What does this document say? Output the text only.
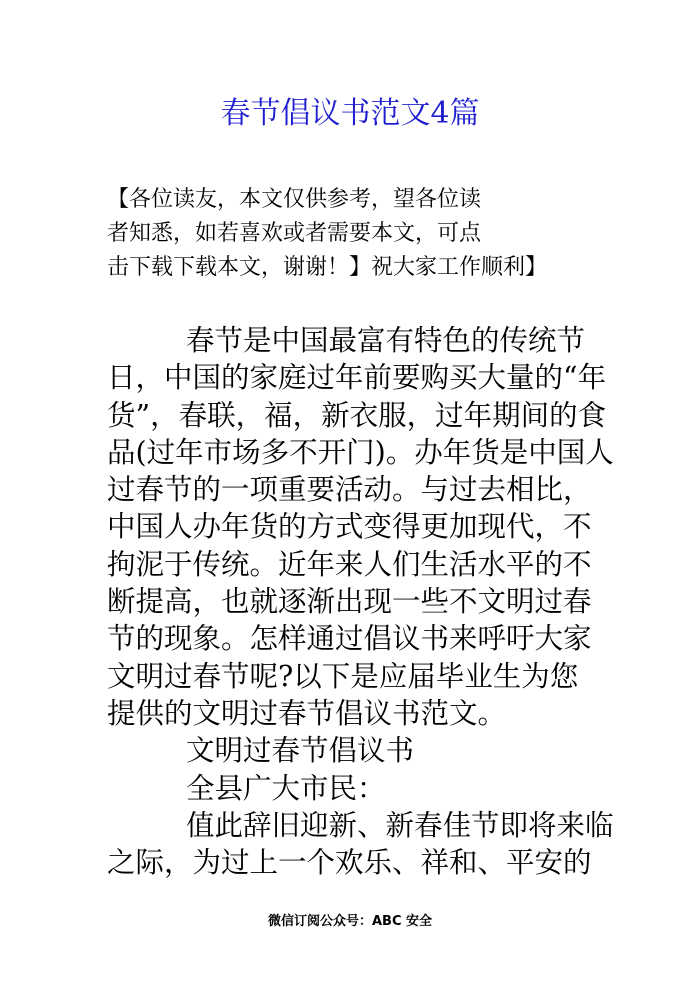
春节倡议书范文4篇
【各位读友，本文仅供参考，望各位读
者知悉，如若喜欢或者需要本文，可点
击下载下载本文，谢谢！】祝大家工作顺利】
春节是中国最富有特色的传统节
日，中国的家庭过年前要购买大量的“年
货”，春联，福，新衣服，过年期间的食
品(过年市场多不开门)。办年货是中国人
过春节的一项重要活动。与过去相比，
中国人办年货的方式变得更加现代，不
拘泥于传统。近年来人们生活水平的不
断提高，也就逐渐出现一些不文明过春
节的现象。怎样通过倡议书来呼吁大家
文明过春节呢?以下是应届毕业生为您
提供的文明过春节倡议书范文。
文明过春节倡议书
全县广大市民：
值此辞旧迎新、新春佳节即将来临
之际，为过上一个欢乐、祥和、平安的
微信订阅公众号：ABC 安全
